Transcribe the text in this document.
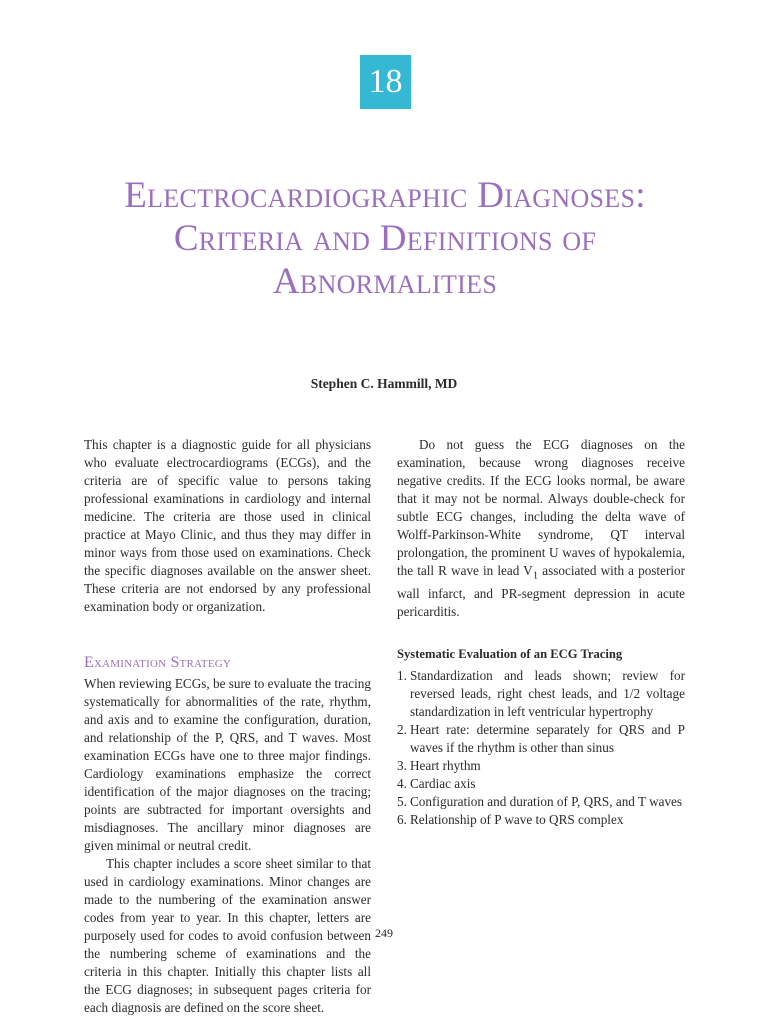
18
Electrocardiographic Diagnoses:
Criteria and Definitions of
Abnormalities
Stephen C. Hammill, MD

This chapter is a diagnostic guide for all physicians who evaluate electrocardiograms (ECGs), and the criteria are of specific value to persons taking professional examinations in cardiology and internal medicine. The criteria are those used in clinical practice at Mayo Clinic, and thus they may differ in minor ways from those used on examinations. Check the specific diagnoses available on the answer sheet. These criteria are not endorsed by any professional examination body or organization.

Examination Strategy

When reviewing ECGs, be sure to evaluate the tracing systematically for abnormalities of the rate, rhythm, and axis and to examine the configuration, duration, and relationship of the P, QRS, and T waves. Most examination ECGs have one to three major findings. Cardiology examinations emphasize the correct identification of the major diagnoses on the tracing; points are subtracted for important oversights and misdiagnoses. The ancillary minor diagnoses are given minimal or neutral credit.

This chapter includes a score sheet similar to that used in cardiology examinations. Minor changes are made to the numbering of the examination answer codes from year to year. In this chapter, letters are purposely used for codes to avoid confusion between the numbering scheme of examinations and the criteria in this chapter. Initially this chapter lists all the ECG diagnoses; in subsequent pages criteria for each diagnosis are defined on the score sheet.

Do not guess the ECG diagnoses on the examination, because wrong diagnoses receive negative credits. If the ECG looks normal, be aware that it may not be normal. Always double-check for subtle ECG changes, including the delta wave of Wolff-Parkinson-White syndrome, QT interval prolongation, the prominent U waves of hypokalemia, the tall R wave in lead $V_1$ associated with a posterior wall infarct, and PR-segment depression in acute pericarditis.

Systematic Evaluation of an ECG Tracing

1. Standardization and leads shown; review for reversed leads, right chest leads, and 1/2 voltage standardization in left ventricular hypertrophy
2. Heart rate: determine separately for QRS and P waves if the rhythm is other than sinus
3. Heart rhythm
4. Cardiac axis
5. Configuration and duration of P, QRS, and T waves
6. Relationship of P wave to QRS complex
249
